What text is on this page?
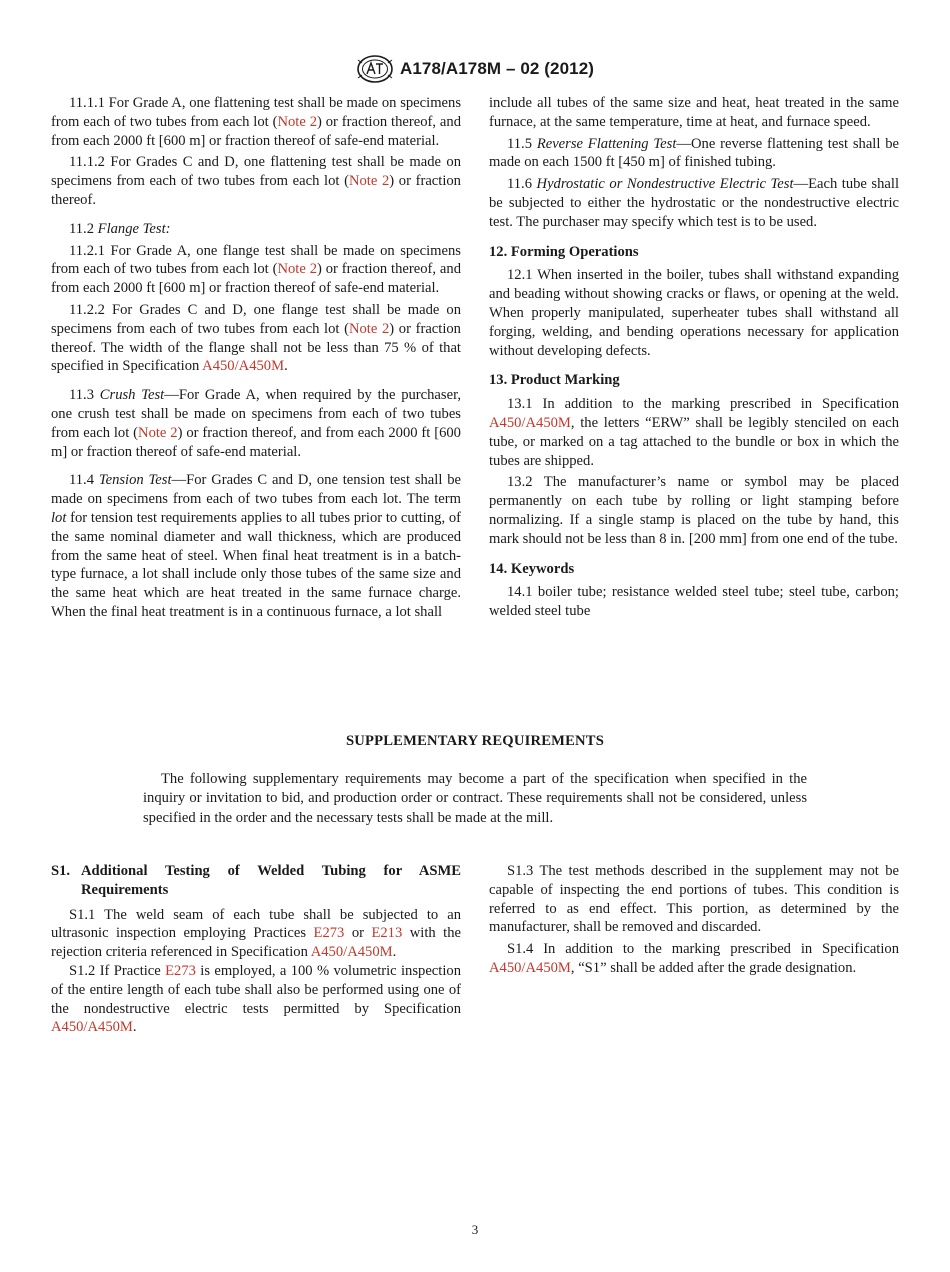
A178/A178M – 02 (2012)

11.1.1 For Grade A, one flattening test shall be made on specimens from each of two tubes from each lot (Note 2) or fraction thereof, and from each 2000 ft [600 m] or fraction thereof of safe-end material.

11.1.2 For Grades C and D, one flattening test shall be made on specimens from each of two tubes from each lot (Note 2) or fraction thereof.

11.2 Flange Test:

11.2.1 For Grade A, one flange test shall be made on specimens from each of two tubes from each lot (Note 2) or fraction thereof, and from each 2000 ft [600 m] or fraction thereof of safe-end material.

11.2.2 For Grades C and D, one flange test shall be made on specimens from each of two tubes from each lot (Note 2) or fraction thereof. The width of the flange shall not be less than 75 % of that specified in Specification A450/A450M.

11.3 Crush Test—For Grade A, when required by the purchaser, one crush test shall be made on specimens from each of two tubes from each lot (Note 2) or fraction thereof, and from each 2000 ft [600 m] or fraction thereof of safe-end material.

11.4 Tension Test—For Grades C and D, one tension test shall be made on specimens from each of two tubes from each lot. The term lot for tension test requirements applies to all tubes prior to cutting, of the same nominal diameter and wall thickness, which are produced from the same heat of steel. When final heat treatment is in a batch-type furnace, a lot shall include only those tubes of the same size and the same heat which are heat treated in the same furnace charge. When the final heat treatment is in a continuous furnace, a lot shall

include all tubes of the same size and heat, heat treated in the same furnace, at the same temperature, time at heat, and furnace speed.

11.5 Reverse Flattening Test—One reverse flattening test shall be made on each 1500 ft [450 m] of finished tubing.

11.6 Hydrostatic or Nondestructive Electric Test—Each tube shall be subjected to either the hydrostatic or the nondestructive electric test. The purchaser may specify which test is to be used.

12. Forming Operations

12.1 When inserted in the boiler, tubes shall withstand expanding and beading without showing cracks or flaws, or opening at the weld. When properly manipulated, superheater tubes shall withstand all forging, welding, and bending operations necessary for application without developing defects.

13. Product Marking

13.1 In addition to the marking prescribed in Specification A450/A450M, the letters “ERW” shall be legibly stenciled on each tube, or marked on a tag attached to the bundle or box in which the tubes are shipped.

13.2 The manufacturer’s name or symbol may be placed permanently on each tube by rolling or light stamping before normalizing. If a single stamp is placed on the tube by hand, this mark should not be less than 8 in. [200 mm] from one end of the tube.

14. Keywords

14.1 boiler tube; resistance welded steel tube; steel tube, carbon; welded steel tube

SUPPLEMENTARY REQUIREMENTS

The following supplementary requirements may become a part of the specification when specified in the inquiry or invitation to bid, and production order or contract. These requirements shall not be considered, unless specified in the order and the necessary tests shall be made at the mill.

S1. Additional Testing of Welded Tubing for ASME Requirements

S1.1 The weld seam of each tube shall be subjected to an ultrasonic inspection employing Practices E273 or E213 with the rejection criteria referenced in Specification A450/A450M.

S1.2 If Practice E273 is employed, a 100 % volumetric inspection of the entire length of each tube shall also be performed using one of the nondestructive electric tests permitted by Specification A450/A450M.

S1.3 The test methods described in the supplement may not be capable of inspecting the end portions of tubes. This condition is referred to as end effect. This portion, as determined by the manufacturer, shall be removed and discarded.

S1.4 In addition to the marking prescribed in Specification A450/A450M, “S1” shall be added after the grade designation.

3
